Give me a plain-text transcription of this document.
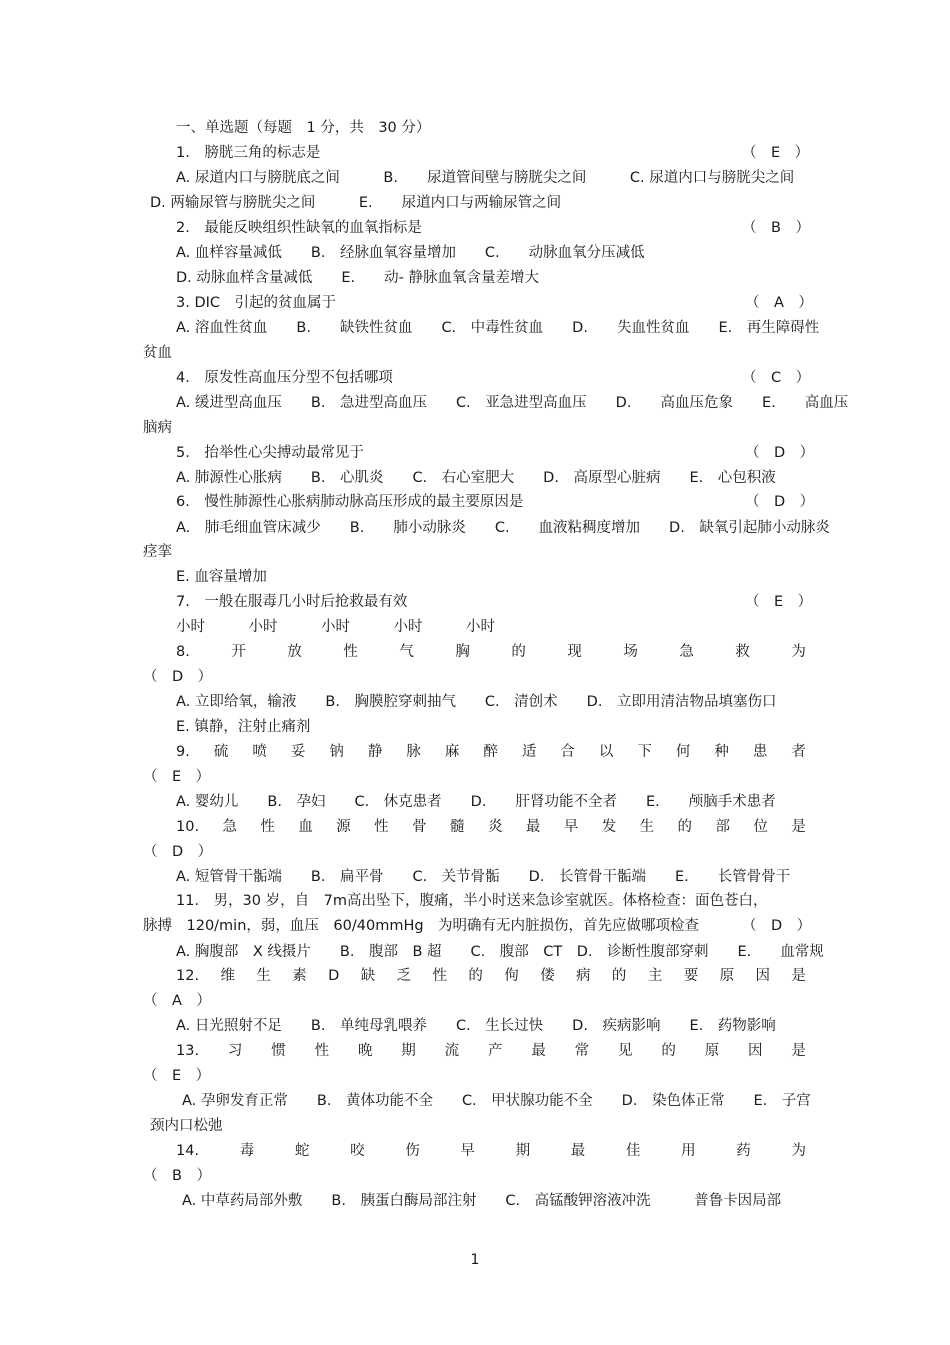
一、单选题（每题　1 分，共　30 分）
1.　膀胱三角的标志是	（　E　）
A. 尿道内口与膀胱底之间　　　B.　　尿道管间壁与膀胱尖之间　　　C. 尿道内口与膀胱尖之间
D. 两输尿管与膀胱尖之间　　　E.　　尿道内口与两输尿管之间
2.　最能反映组织性缺氧的血氧指标是	（　B　）
A. 血样容量减低　　B.　经脉血氧容量增加　　C.　　动脉血氧分压减低
D. 动脉血样含量减低　　E.　　动- 静脉血氧含量差增大
3. DIC　引起的贫血属于	（　A　）
A. 溶血性贫血　　B.　　缺铁性贫血　　C.　中毒性贫血　　D.　　失血性贫血　　E.　再生障碍性
贫血
4.　原发性高血压分型不包括哪项	（　C　）
A. 缓进型高血压　　B.　急进型高血压　　C.　亚急进型高血压　　D.　　高血压危象　　E.　　高血压
脑病
5.　抬举性心尖搏动最常见于	（　D　）
A. 肺源性心胀病　　B.　心肌炎　　C.　右心室肥大　　D.　高原型心脏病　　E.　心包积液
6.　慢性肺源性心胀病肺动脉高压形成的最主要原因是	（　D　）
A.　肺毛细血管床减少　　B.　　肺小动脉炎　　C.　　血液粘稠度增加　　D.　缺氧引起肺小动脉炎
痉挛
E. 血容量增加
7.　一般在服毒几小时后抢救最有效	（　E　）
小时　　　小时　　　小时　　　小时　　　小时
8.	开	放	性	气	胸	的	现	场	急	救	为
（　D　）
A. 立即给氧，输液　　B.　胸膜腔穿刺抽气　　C.　清创术　　D.　立即用清洁物品填塞伤口
E. 镇静，注射止痛剂
9. 硫 喷 妥 钠 静 脉 麻 醉 适 合 以 下 何 种 患 者
（　E　）
A. 婴幼儿　　B.　孕妇　　C.　休克患者　　D.　　肝肾功能不全者　　E.　　颅脑手术患者
10. 急 性 血 源 性 骨 髓 炎 最 早 发 生 的 部 位 是
（　D　）
A. 短管骨干骺端　　B.　扁平骨　　C.　关节骨骺　　D.　长管骨干骺端　　E.　　长管骨骨干
11.　男，30 岁，自　7m高出坠下，腹痛，半小时送来急诊室就医。体格检查：面色苍白，
脉搏　120/min，弱，血压　60/40mmHg　为明确有无内脏损伤，首先应做哪项检查	（　D　）
A. 胸腹部　X 线摄片　　B.　腹部　B 超　　C.　腹部　CT　D.　诊断性腹部穿刺　　E.　　血常规
12. 维 生 素 D 缺 乏 性 的 佝 偻 病 的 主 要 原 因 是
（　A　）
A. 日光照射不足　　B.　单纯母乳喂养　　C.　生长过快　　D.　疾病影响　　E.　药物影响
13. 习 惯 性 晚 期 流 产 最 常 见 的 原 因 是
（　E　）
A. 孕卵发育正常　　B.　黄体功能不全　　C.　甲状腺功能不全　　D.　染色体正常　　E.　子宫
颈内口松弛
14.	毒	蛇	咬	伤	早	期	最	佳	用	药	为
（　B　）
A. 中草药局部外敷　　B.　胰蛋白酶局部注射　　C.　高锰酸钾溶液冲洗　　　普鲁卡因局部
1
